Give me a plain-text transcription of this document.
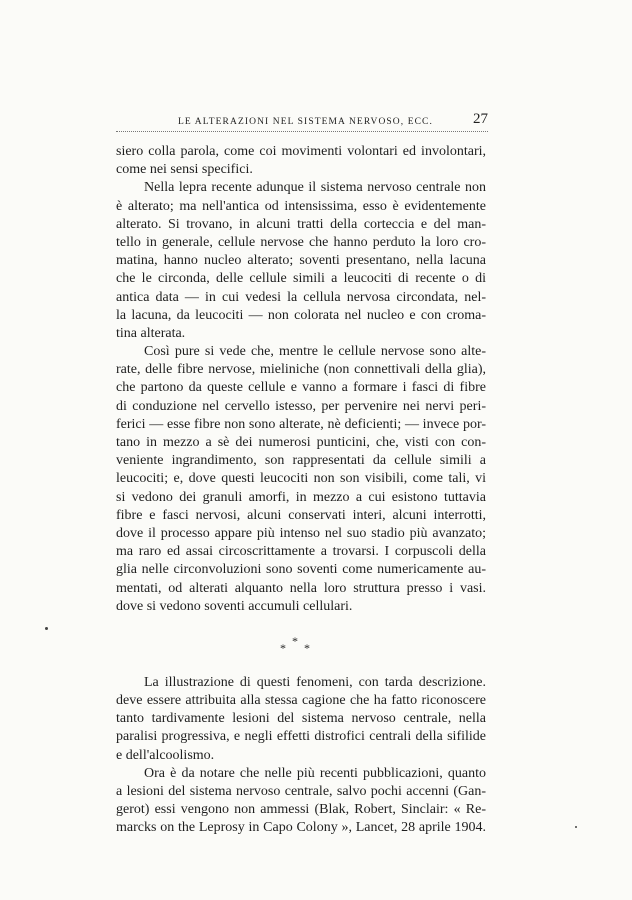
LE ALTERAZIONI NEL SISTEMA NERVOSO, ECC.	27
siero colla parola, come coi movimenti volontari ed involontari,
come nei sensi specifici.
Nella lepra recente adunque il sistema nervoso centrale non
è alterato; ma nell'antica od intensissima, esso è evidentemente
alterato. Si trovano, in alcuni tratti della corteccia e del man-
tello in generale, cellule nervose che hanno perduto la loro cro-
matina, hanno nucleo alterato; soventi presentano, nella lacuna
che le circonda, delle cellule simili a leucociti di recente o di
antica data — in cui vedesi la cellula nervosa circondata, nel-
la lacuna, da leucociti — non colorata nel nucleo e con croma-
tina alterata.
Così pure si vede che, mentre le cellule nervose sono alte-
rate, delle fibre nervose, mieliniche (non connettivali della glia),
che partono da queste cellule e vanno a formare i fasci di fibre
di conduzione nel cervello istesso, per pervenire nei nervi peri-
ferici — esse fibre non sono alterate, nè deficienti; — invece por-
tano in mezzo a sè dei numerosi punticini, che, visti con con-
veniente ingrandimento, son rappresentati da cellule simili a
leucociti; e, dove questi leucociti non son visibili, come tali, vi
si vedono dei granuli amorfi, in mezzo a cui esistono tuttavia
fibre e fasci nervosi, alcuni conservati interi, alcuni interrotti,
dove il processo appare più intenso nel suo stadio più avanzato;
ma raro ed assai circoscrittamente a trovarsi. I corpuscoli della
glia nelle circonvoluzioni sono soventi come numericamente au-
mentati, od alterati alquanto nella loro struttura presso i vasi.
dove si vedono soventi accumuli cellulari.
* * *
La illustrazione di questi fenomeni, con tarda descrizione.
deve essere attribuita alla stessa cagione che ha fatto riconoscere
tanto tardivamente lesioni del sistema nervoso centrale, nella
paralisi progressiva, e negli effetti distrofici centrali della sifilide
e dell'alcoolismo.
Ora è da notare che nelle più recenti pubblicazioni, quanto
a lesioni del sistema nervoso centrale, salvo pochi accenni (Gan-
gerot) essi vengono non ammessi (Blak, Robert, Sinclair: « Re-
marcks on the Leprosy in Capo Colony », Lancet, 28 aprile 1904.
